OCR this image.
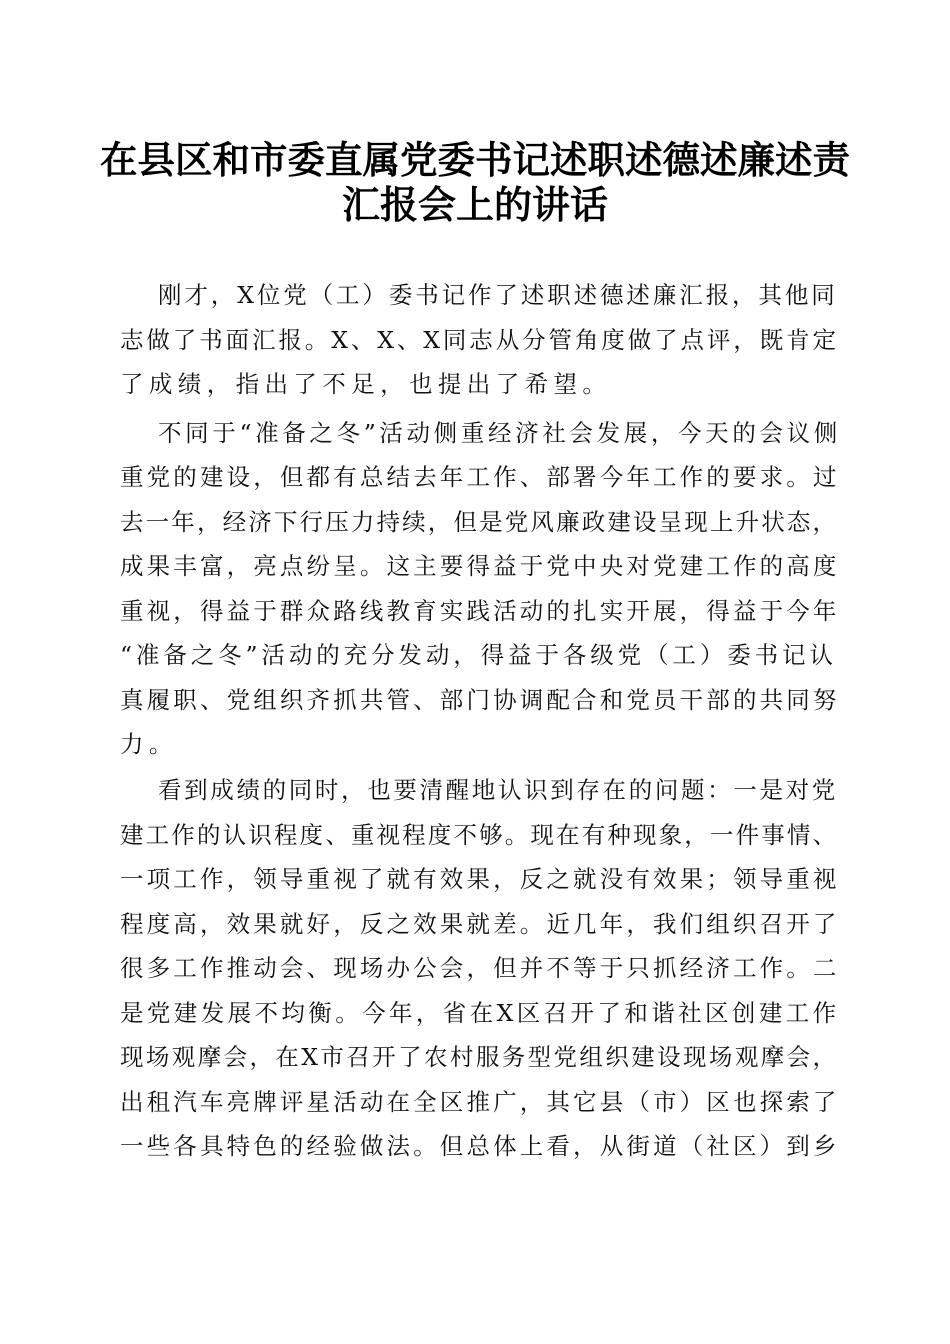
在县区和市委直属党委书记述职述德述廉述责
汇报会上的讲话

刚才，X位党（工）委书记作了述职述德述廉汇报，其他同

志做了书面汇报。X、X、X同志从分管角度做了点评，既肯定

了成绩，指出了不足，也提出了希望。

不同于“准备之冬”活动侧重经济社会发展，今天的会议侧

重党的建设，但都有总结去年工作、部署今年工作的要求。过

去一年，经济下行压力持续，但是党风廉政建设呈现上升状态，

成果丰富，亮点纷呈。这主要得益于党中央对党建工作的高度

重视，得益于群众路线教育实践活动的扎实开展，得益于今年

“准备之冬”活动的充分发动，得益于各级党（工）委书记认

真履职、党组织齐抓共管、部门协调配合和党员干部的共同努

力。

看到成绩的同时，也要清醒地认识到存在的问题：一是对党

建工作的认识程度、重视程度不够。现在有种现象，一件事情、

一项工作，领导重视了就有效果，反之就没有效果；领导重视

程度高，效果就好，反之效果就差。近几年，我们组织召开了

很多工作推动会、现场办公会，但并不等于只抓经济工作。二

是党建发展不均衡。今年，省在X区召开了和谐社区创建工作

现场观摩会，在X市召开了农村服务型党组织建设现场观摩会，

出租汽车亮牌评星活动在全区推广，其它县（市）区也探索了

一些各具特色的经验做法。但总体上看，从街道（社区）到乡
